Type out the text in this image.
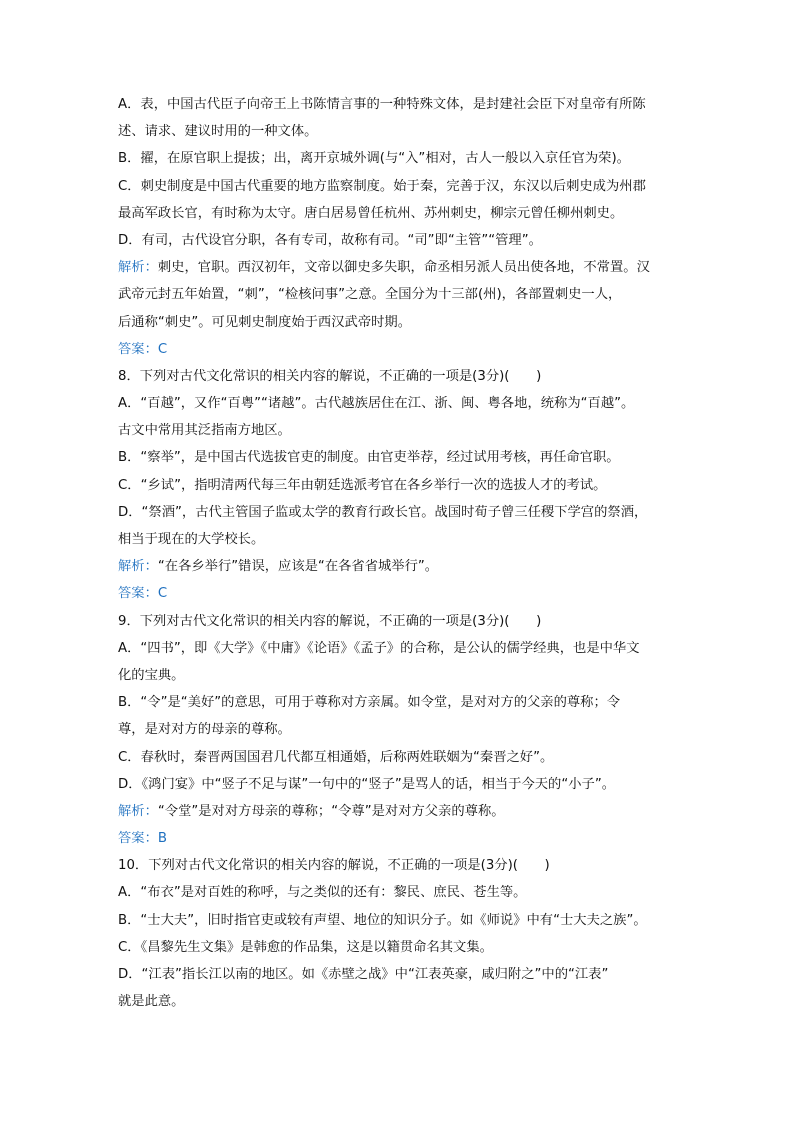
A．表，中国古代臣子向帝王上书陈情言事的一种特殊文体，是封建社会臣下对皇帝有所陈
述、请求、建议时用的一种文体。
B．擢，在原官职上提拔；出，离开京城外调(与“入”相对，古人一般以入京任官为荣)。
C．刺史制度是中国古代重要的地方监察制度。始于秦，完善于汉，东汉以后刺史成为州郡
最高军政长官，有时称为太守。唐白居易曾任杭州、苏州刺史，柳宗元曾任柳州刺史。
D．有司，古代设官分职，各有专司，故称有司。“司”即“主管”“管理”。
解析：刺史，官职。西汉初年，文帝以御史多失职，命丞相另派人员出使各地，不常置。汉
武帝元封五年始置，“刺”，“检核问事”之意。全国分为十三部(州)，各部置刺史一人，
后通称“刺史”。可见刺史制度始于西汉武帝时期。
答案：C
8．下列对古代文化常识的相关内容的解说，不正确的一项是(3分)(　　)
A．“百越”，又作“百粤”“诸越”。古代越族居住在江、浙、闽、粤各地，统称为“百越”。
古文中常用其泛指南方地区。
B．“察举”，是中国古代选拔官吏的制度。由官吏举荐，经过试用考核，再任命官职。
C．“乡试”，指明清两代每三年由朝廷选派考官在各乡举行一次的选拔人才的考试。
D．“祭酒”，古代主管国子监或太学的教育行政长官。战国时荀子曾三任稷下学宫的祭酒，
相当于现在的大学校长。
解析：“在各乡举行”错误，应该是“在各省省城举行”。
答案：C
9．下列对古代文化常识的相关内容的解说，不正确的一项是(3分)(　　)
A．“四书”，即《大学》《中庸》《论语》《孟子》的合称，是公认的儒学经典，也是中华文
化的宝典。
B．“令”是“美好”的意思，可用于尊称对方亲属。如令堂，是对对方的父亲的尊称；令
尊，是对对方的母亲的尊称。
C．春秋时，秦晋两国国君几代都互相通婚，后称两姓联姻为“秦晋之好”。
D．《鸿门宴》中“竖子不足与谋”一句中的“竖子”是骂人的话，相当于今天的“小子”。
解析：“令堂”是对对方母亲的尊称；“令尊”是对对方父亲的尊称。
答案：B
10．下列对古代文化常识的相关内容的解说，不正确的一项是(3分)(　　)
A．“布衣”是对百姓的称呼，与之类似的还有：黎民、庶民、苍生等。
B．“士大夫”，旧时指官吏或较有声望、地位的知识分子。如《师说》中有“士大夫之族”。
C．《昌黎先生文集》是韩愈的作品集，这是以籍贯命名其文集。
D．“江表”指长江以南的地区。如《赤壁之战》中“江表英豪，咸归附之”中的“江表”
就是此意。
